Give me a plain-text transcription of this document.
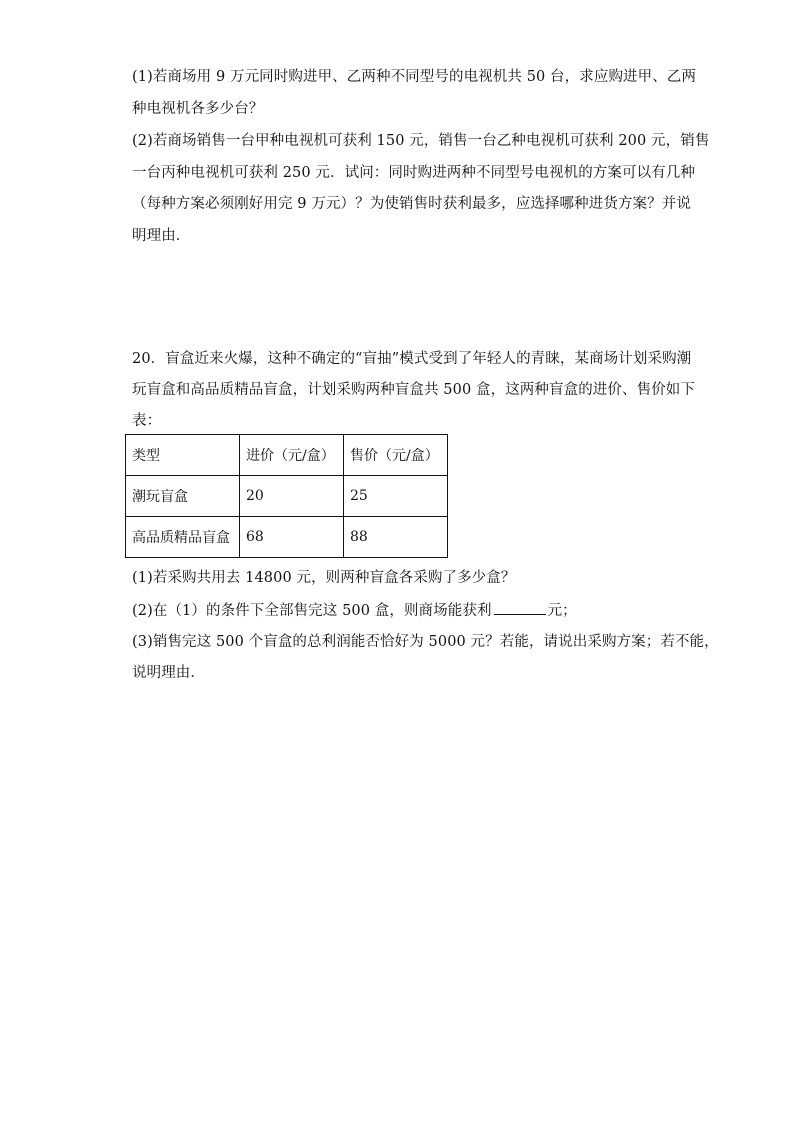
(1)若商场用 9 万元同时购进甲、乙两种不同型号的电视机共 50 台，求应购进甲、乙两
种电视机各多少台？
(2)若商场销售一台甲种电视机可获利 150 元，销售一台乙种电视机可获利 200 元，销售
一台丙种电视机可获利 250 元．试问：同时购进两种不同型号电视机的方案可以有几种
（每种方案必须刚好用完 9 万元）？为使销售时获利最多，应选择哪种进货方案？并说
明理由．
20．盲盒近来火爆，这种不确定的“盲抽”模式受到了年轻人的青睐，某商场计划采购潮
玩盲盒和高品质精品盲盒，计划采购两种盲盒共 500 盒，这两种盲盒的进价、售价如下
表：
类型	进价（元/盒）	售价（元/盒）
潮玩盲盒	20	25
高品质精品盲盒	68	88
(1)若采购共用去 14800 元，则两种盲盒各采购了多少盒？
(2)在（1）的条件下全部售完这 500 盒，则商场能获利	元；
(3)销售完这 500 个盲盒的总利润能否恰好为 5000 元？若能，请说出采购方案；若不能，
说明理由．
